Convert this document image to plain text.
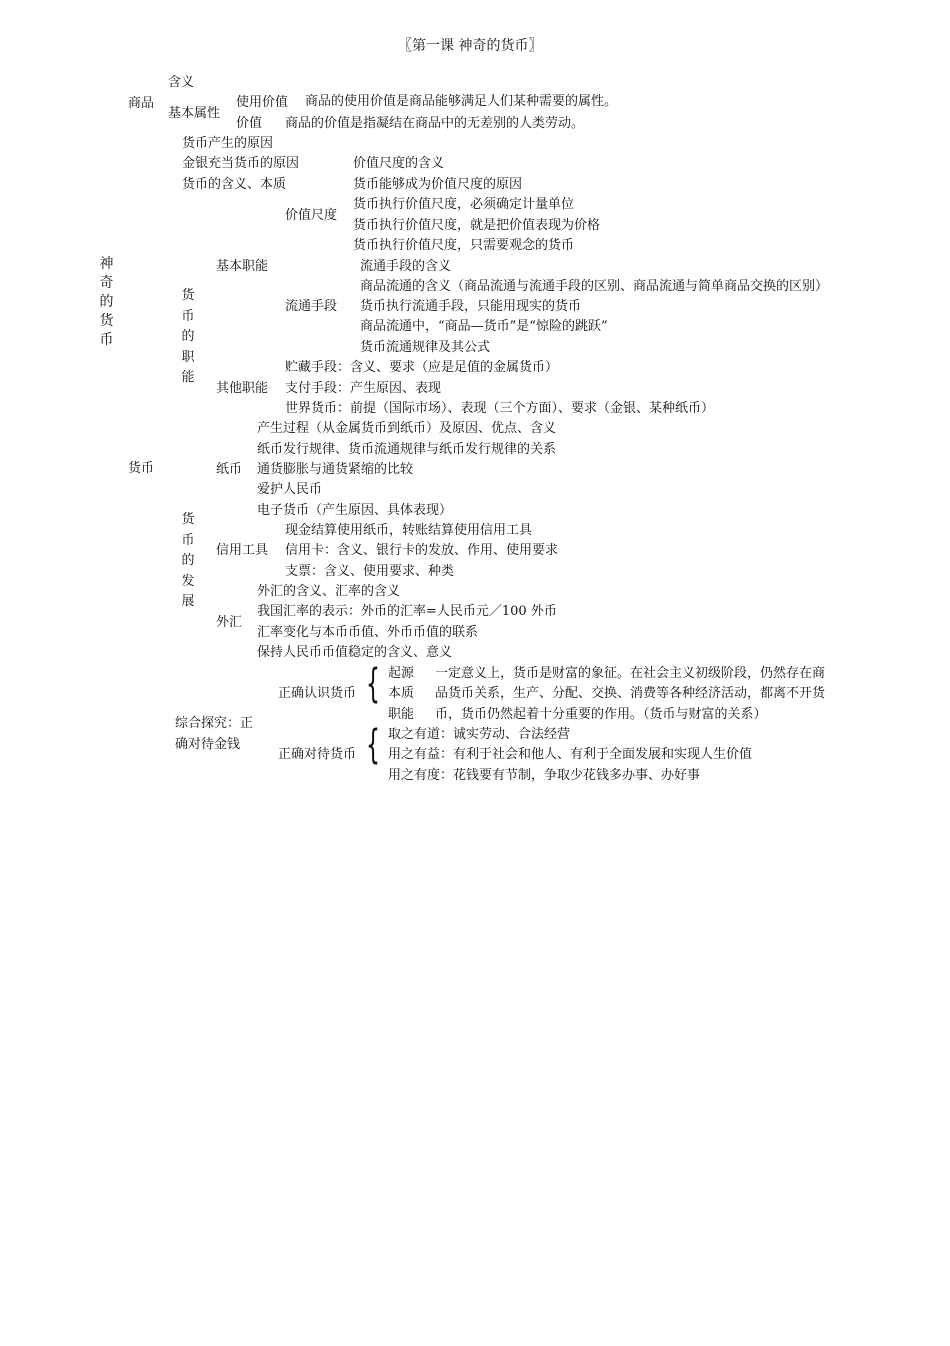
〖第一课 神奇的货币〗
神奇的货币
商品
含义
基本属性
使用价值 商品的使用价值是商品能够满足人们某种需要的属性。
价值 商品的价值是指凝结在商品中的无差别的人类劳动。
货币
货币产生的原因
金银充当货币的原因
货币的含义、本质
货币的职能
基本职能
价值尺度
价值尺度的含义
货币能够成为价值尺度的原因
货币执行价值尺度，必须确定计量单位
货币执行价值尺度，就是把价值表现为价格
货币执行价值尺度，只需要观念的货币
流通手段
流通手段的含义
商品流通的含义（商品流通与流通手段的区别、商品流通与简单商品交换的区别）
货币执行流通手段，只能用现实的货币
商品流通中，“商品—货币”是“惊险的跳跃”
货币流通规律及其公式
其他职能
贮藏手段：含义、要求（应是足值的金属货币）
支付手段：产生原因、表现
世界货币：前提（国际市场）、表现（三个方面）、要求（金银、某种纸币）
货币的发展
纸币
产生过程（从金属货币到纸币）及原因、优点、含义
纸币发行规律、货币流通规律与纸币发行规律的关系
通货膨胀与通货紧缩的比较
爱护人民币
电子货币（产生原因、具体表现）
信用工具
现金结算使用纸币，转账结算使用信用工具
信用卡：含义、银行卡的发放、作用、使用要求
支票：含义、使用要求、种类
外汇
外汇的含义、汇率的含义
我国汇率的表示：外币的汇率=人民币元／100 外币
汇率变化与本币币值、外币币值的联系
保持人民币币值稳定的含义、意义
综合探究：正
确对待金钱
正确认识货币 { 起源
本质
职能
一定意义上，货币是财富的象征。在社会主义初级阶段，仍然存在商
品货币关系，生产、分配、交换、消费等各种经济活动，都离不开货
币，货币仍然起着十分重要的作用。（货币与财富的关系）
正确对待货币 { 取之有道：诚实劳动、合法经营
用之有益：有利于社会和他人、有利于全面发展和实现人生价值
用之有度：花钱要有节制，争取少花钱多办事、办好事
